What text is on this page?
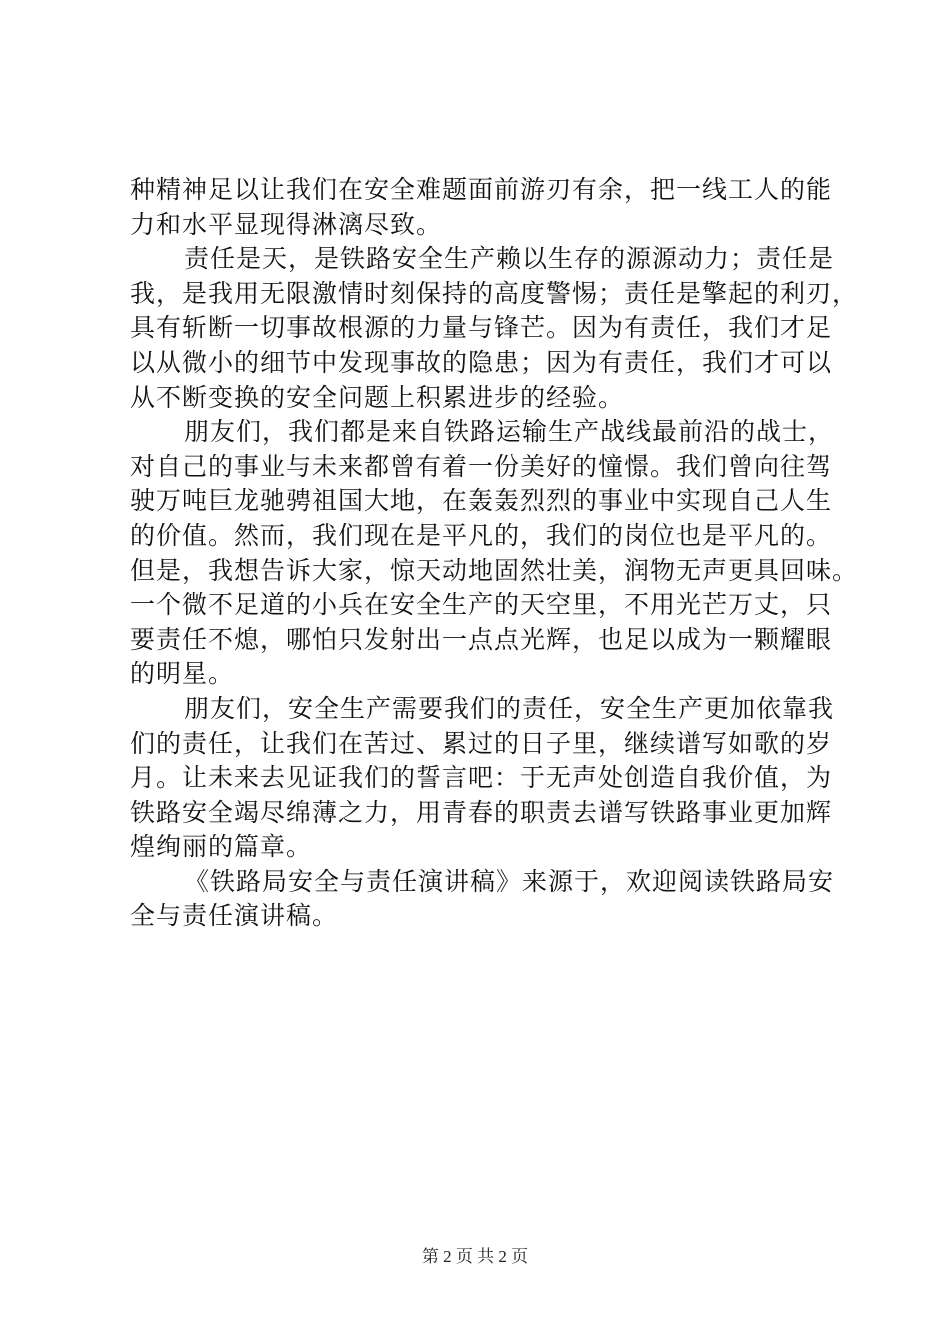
种精神足以让我们在安全难题面前游刃有余，把一线工人的能
力和水平显现得淋漓尽致。
责任是天，是铁路安全生产赖以生存的源源动力；责任是
我，是我用无限激情时刻保持的高度警惕；责任是擎起的利刃，
具有斩断一切事故根源的力量与锋芒。因为有责任，我们才足
以从微小的细节中发现事故的隐患；因为有责任，我们才可以
从不断变换的安全问题上积累进步的经验。
朋友们，我们都是来自铁路运输生产战线最前沿的战士，
对自己的事业与未来都曾有着一份美好的憧憬。我们曾向往驾
驶万吨巨龙驰骋祖国大地，在轰轰烈烈的事业中实现自己人生
的价值。然而，我们现在是平凡的，我们的岗位也是平凡的。
但是，我想告诉大家，惊天动地固然壮美，润物无声更具回味。
一个微不足道的小兵在安全生产的天空里，不用光芒万丈，只
要责任不熄，哪怕只发射出一点点光辉，也足以成为一颗耀眼
的明星。
朋友们，安全生产需要我们的责任，安全生产更加依靠我
们的责任，让我们在苦过、累过的日子里，继续谱写如歌的岁
月。让未来去见证我们的誓言吧：于无声处创造自我价值，为
铁路安全竭尽绵薄之力，用青春的职责去谱写铁路事业更加辉
煌绚丽的篇章。
《铁路局安全与责任演讲稿》来源于，欢迎阅读铁路局安
全与责任演讲稿。
第 2 页 共 2 页
